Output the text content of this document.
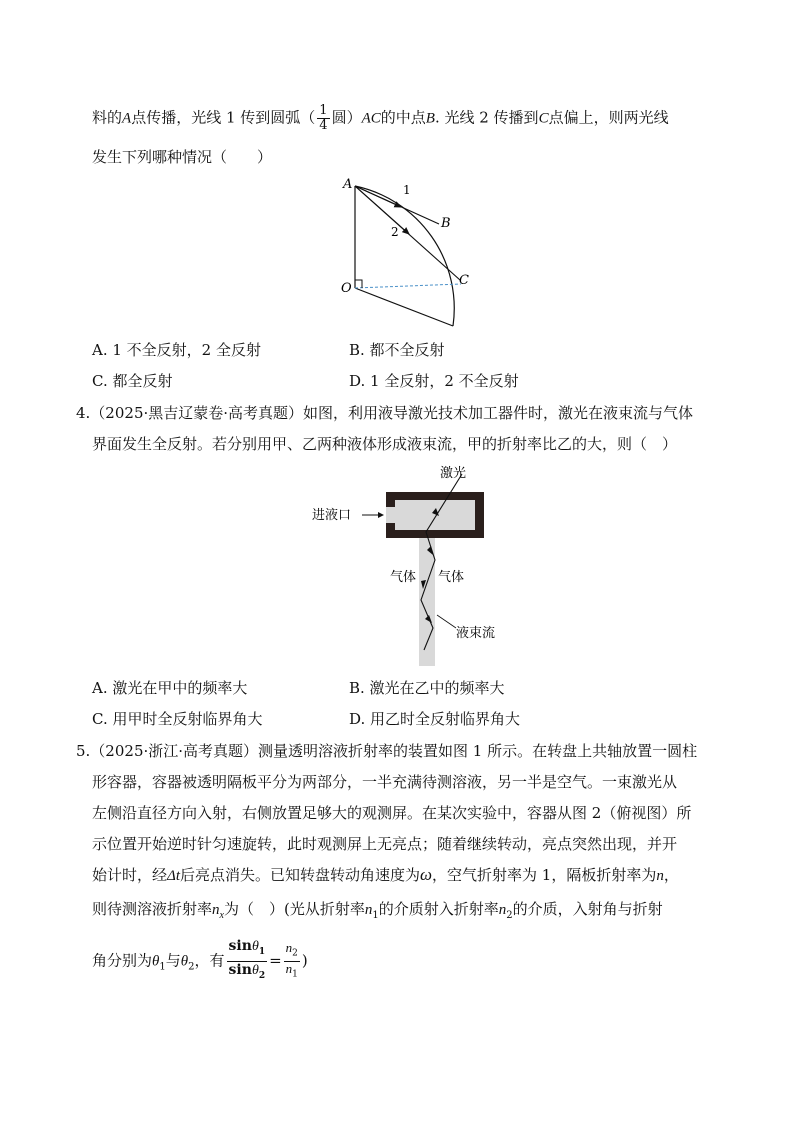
料的A点传播，光线 1 传到圆弧（ $\frac{1}{4}$ 圆）AC的中点B. 光线 2 传播到C点偏上，则两光线
发生下列哪种情况（　　）
A	1
B
2
C
O
A. 1 不全反射，2 全反射	B. 都不全反射
C. 都全反射	D. 1 全反射，2 不全反射
4.（2025·黑吉辽蒙卷·高考真题）如图，利用液导激光技术加工器件时，激光在液束流与气体
界面发生全反射。若分别用甲、乙两种液体形成液束流，甲的折射率比乙的大，则（　）
激光
进液口
气体 气体
液束流
A. 激光在甲中的频率大	B. 激光在乙中的频率大
C. 用甲时全反射临界角大	D. 用乙时全反射临界角大
5.（2025·浙江·高考真题）测量透明溶液折射率的装置如图 1 所示。在转盘上共轴放置一圆柱
形容器，容器被透明隔板平分为两部分，一半充满待测溶液，另一半是空气。一束激光从
左侧沿直径方向入射，右侧放置足够大的观测屏。在某次实验中，容器从图 2（俯视图）所
示位置开始逆时针匀速旋转，此时观测屏上无亮点；随着继续转动，亮点突然出现，并开
始计时，经Δt后亮点消失。已知转盘转动角速度为ω，空气折射率为 1，隔板折射率为n，
则待测溶液折射率$n_x$为（　）(光从折射率$n_1$的介质射入折射率$n_2$的介质，入射角与折射
角分别为$\theta_1$与$\theta_2$，有 $\frac{\sin\theta_1}{\sin\theta_2} = \frac{n_2}{n_1}$ )
